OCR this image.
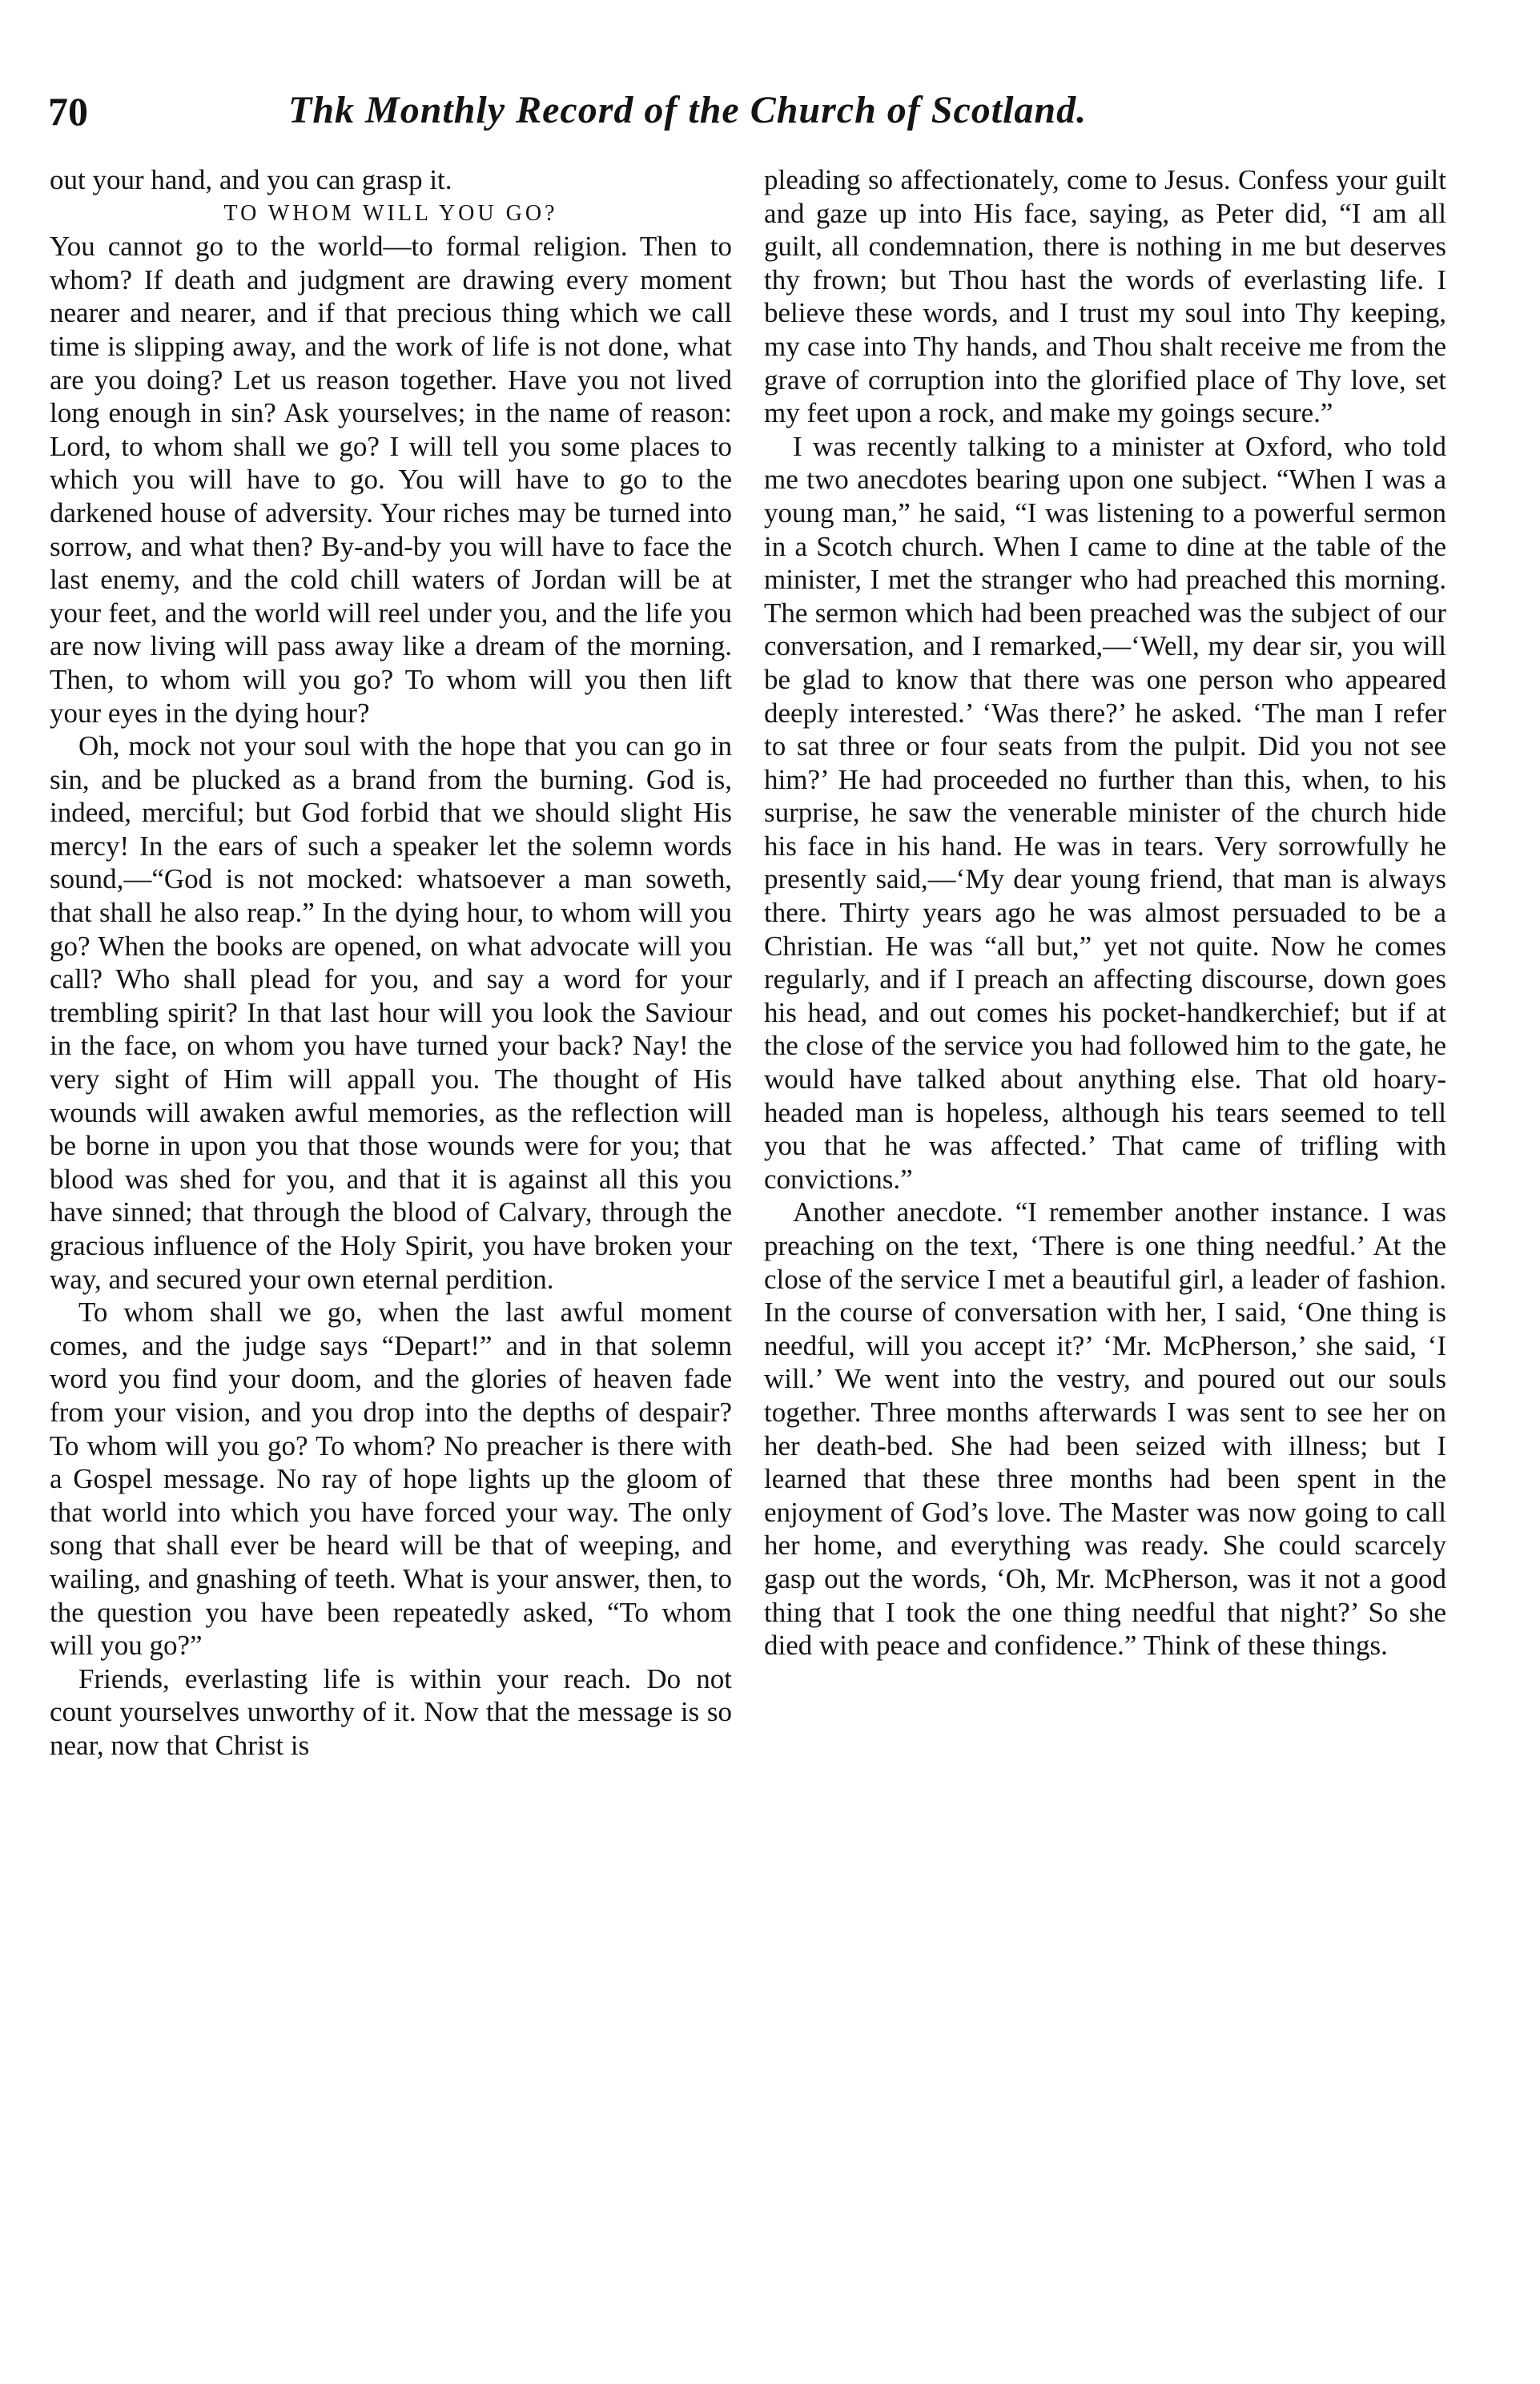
70	Thk Monthly Record of the Church of Scotland.

out your hand, and you can grasp it.

TO WHOM WILL YOU GO?

You cannot go to the world—to formal religion. Then to whom? If death and judgment are drawing every moment nearer and nearer, and if that precious thing which we call time is slipping away, and the work of life is not done, what are you doing? Let us reason together. Have you not lived long enough in sin? Ask yourselves; in the name of reason: Lord, to whom shall we go? I will tell you some places to which you will have to go. You will have to go to the darkened house of adversity. Your riches may be turned into sorrow, and what then? By-and-by you will have to face the last enemy, and the cold chill waters of Jordan will be at your feet, and the world will reel under you, and the life you are now living will pass away like a dream of the morning. Then, to whom will you go? To whom will you then lift your eyes in the dying hour?

Oh, mock not your soul with the hope that you can go in sin, and be plucked as a brand from the burning. God is, indeed, merciful; but God forbid that we should slight His mercy! In the ears of such a speaker let the solemn words sound,—“God is not mocked: whatsoever a man soweth, that shall he also reap.” In the dying hour, to whom will you go? When the books are opened, on what advocate will you call? Who shall plead for you, and say a word for your trembling spirit? In that last hour will you look the Saviour in the face, on whom you have turned your back? Nay! the very sight of Him will appall you. The thought of His wounds will awaken awful memories, as the reflection will be borne in upon you that those wounds were for you; that blood was shed for you, and that it is against all this you have sinned; that through the blood of Calvary, through the gracious influence of the Holy Spirit, you have broken your way, and secured your own eternal perdition.

To whom shall we go, when the last awful moment comes, and the judge says “Depart!” and in that solemn word you find your doom, and the glories of heaven fade from your vision, and you drop into the depths of despair? To whom will you go? To whom? No preacher is there with a Gospel message. No ray of hope lights up the gloom of that world into which you have forced your way. The only song that shall ever be heard will be that of weeping, and wailing, and gnashing of teeth. What is your answer, then, to the question you have been repeatedly asked, “To whom will you go?”

Friends, everlasting life is within your reach. Do not count yourselves unworthy of it. Now that the message is so near, now that Christ is

pleading so affectionately, come to Jesus. Confess your guilt and gaze up into His face, saying, as Peter did, “I am all guilt, all condemnation, there is nothing in me but deserves thy frown; but Thou hast the words of everlasting life. I believe these words, and I trust my soul into Thy keeping, my case into Thy hands, and Thou shalt receive me from the grave of corruption into the glorified place of Thy love, set my feet upon a rock, and make my goings secure.”

I was recently talking to a minister at Oxford, who told me two anecdotes bearing upon one subject. “When I was a young man,” he said, “I was listening to a powerful sermon in a Scotch church. When I came to dine at the table of the minister, I met the stranger who had preached this morning. The sermon which had been preached was the subject of our conversation, and I remarked,—‘Well, my dear sir, you will be glad to know that there was one person who appeared deeply interested.’ ‘Was there?’ he asked. ‘The man I refer to sat three or four seats from the pulpit. Did you not see him?’ He had proceeded no further than this, when, to his surprise, he saw the venerable minister of the church hide his face in his hand. He was in tears. Very sorrowfully he presently said,—‘My dear young friend, that man is always there. Thirty years ago he was almost persuaded to be a Christian. He was “all but,” yet not quite. Now he comes regularly, and if I preach an affecting discourse, down goes his head, and out comes his pocket-handkerchief; but if at the close of the service you had followed him to the gate, he would have talked about anything else. That old hoary-headed man is hopeless, although his tears seemed to tell you that he was affected.’ That came of trifling with convictions.”

Another anecdote. “I remember another instance. I was preaching on the text, ‘There is one thing needful.’ At the close of the service I met a beautiful girl, a leader of fashion. In the course of conversation with her, I said, ‘One thing is needful, will you accept it?’ ‘Mr. McPherson,’ she said, ‘I will.’ We went into the vestry, and poured out our souls together. Three months afterwards I was sent to see her on her death-bed. She had been seized with illness; but I learned that these three months had been spent in the enjoyment of God’s love. The Master was now going to call her home, and everything was ready. She could scarcely gasp out the words, ‘Oh, Mr. McPherson, was it not a good thing that I took the one thing needful that night?’ So she died with peace and confidence.” Think of these things.
